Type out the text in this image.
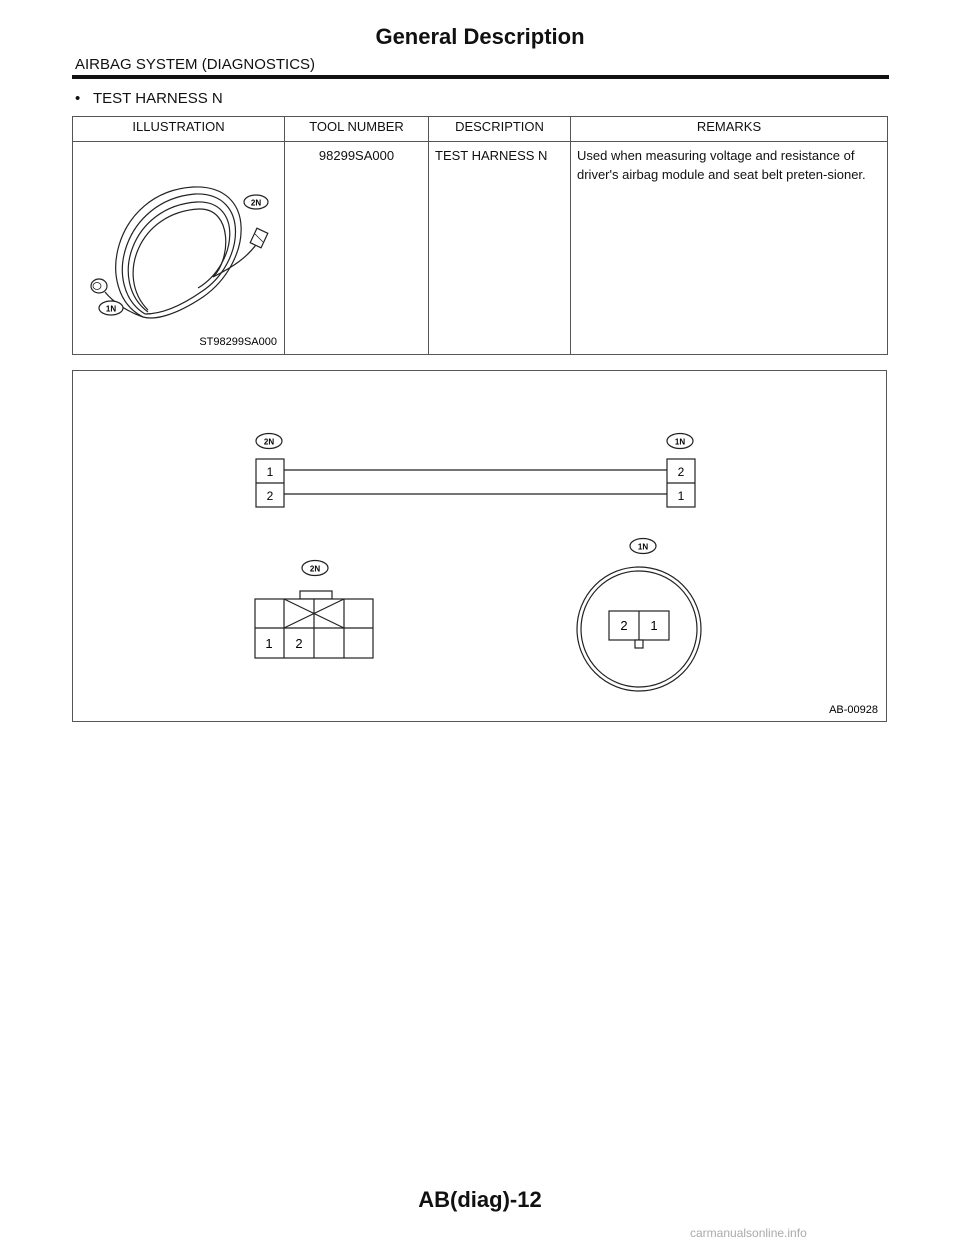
General Description
AIRBAG SYSTEM (DIAGNOSTICS)
• TEST HARNESS N
ILLUSTRATION	TOOL NUMBER	DESCRIPTION	REMARKS

2N
1N
ST98299SA000	98299SA000	TEST HARNESS N	Used when measuring voltage and resistance of driver's airbag module and seat belt preten-sioner.
2N	1N
1
2
2
1
2N
1 2
1N
2 1
AB-00928
AB(diag)-12
carmanualsonline.info
